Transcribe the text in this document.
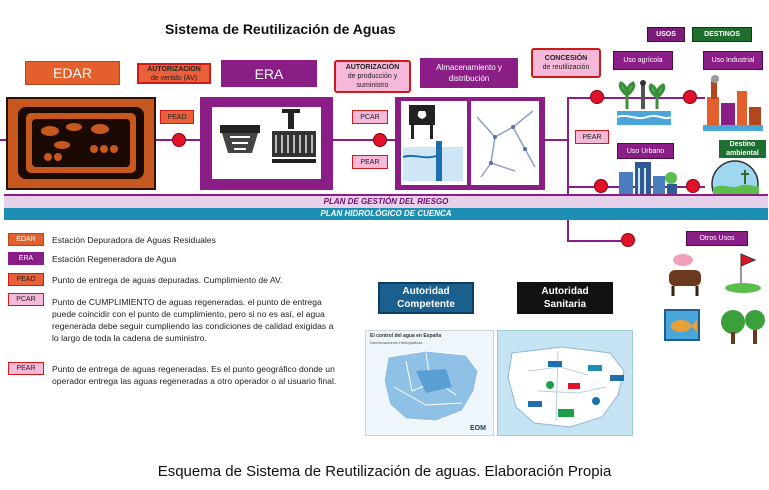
Sistema de Reutilización de Aguas
EDAR	AUTORIZACION
de vertido (AV)	ERA	AUTORIZACIÓN
de producción y suministro
Almacenamiento y distribución
CONCESIÓN
de reutilización
USOS	DESTINOS
PEAD	PCAR
PEAR
PEAR
Uso agrícola	Uso Industrial
Uso Urbano
Destino
ambiental
PLAN DE GESTIÓN DEL RIESGO
PLAN HIDROLÓGICO DE CUENCA
Otros Usos
EDAR	Estación Depuradora de Aguas Residuales
ERA	Estación Regeneradora de Agua
PEAD	Punto de entrega de aguas depuradas. Cumplimiento de AV.
PCAR	Punto de CUMPLIMIENTO de aguas regeneradas. el punto de entrega puede coincidir con el punto de cumplimiento, pero si no es así, el agua regenerada debe seguir cumpliendo las condiciones de calidad exigidas a lo largo de toda la cadena de suministro.
PEAR	Punto de entrega de aguas regeneradas. Es el punto geográfico donde un operador entrega las aguas regeneradas a otro operador o al usuario final.
Autoridad
Competente
Autoridad
Sanitaria
El control del agua en España
Demarcaciones Hidrográficas
EOM
Esquema de Sistema de Reutilización de aguas. Elaboración Propia
